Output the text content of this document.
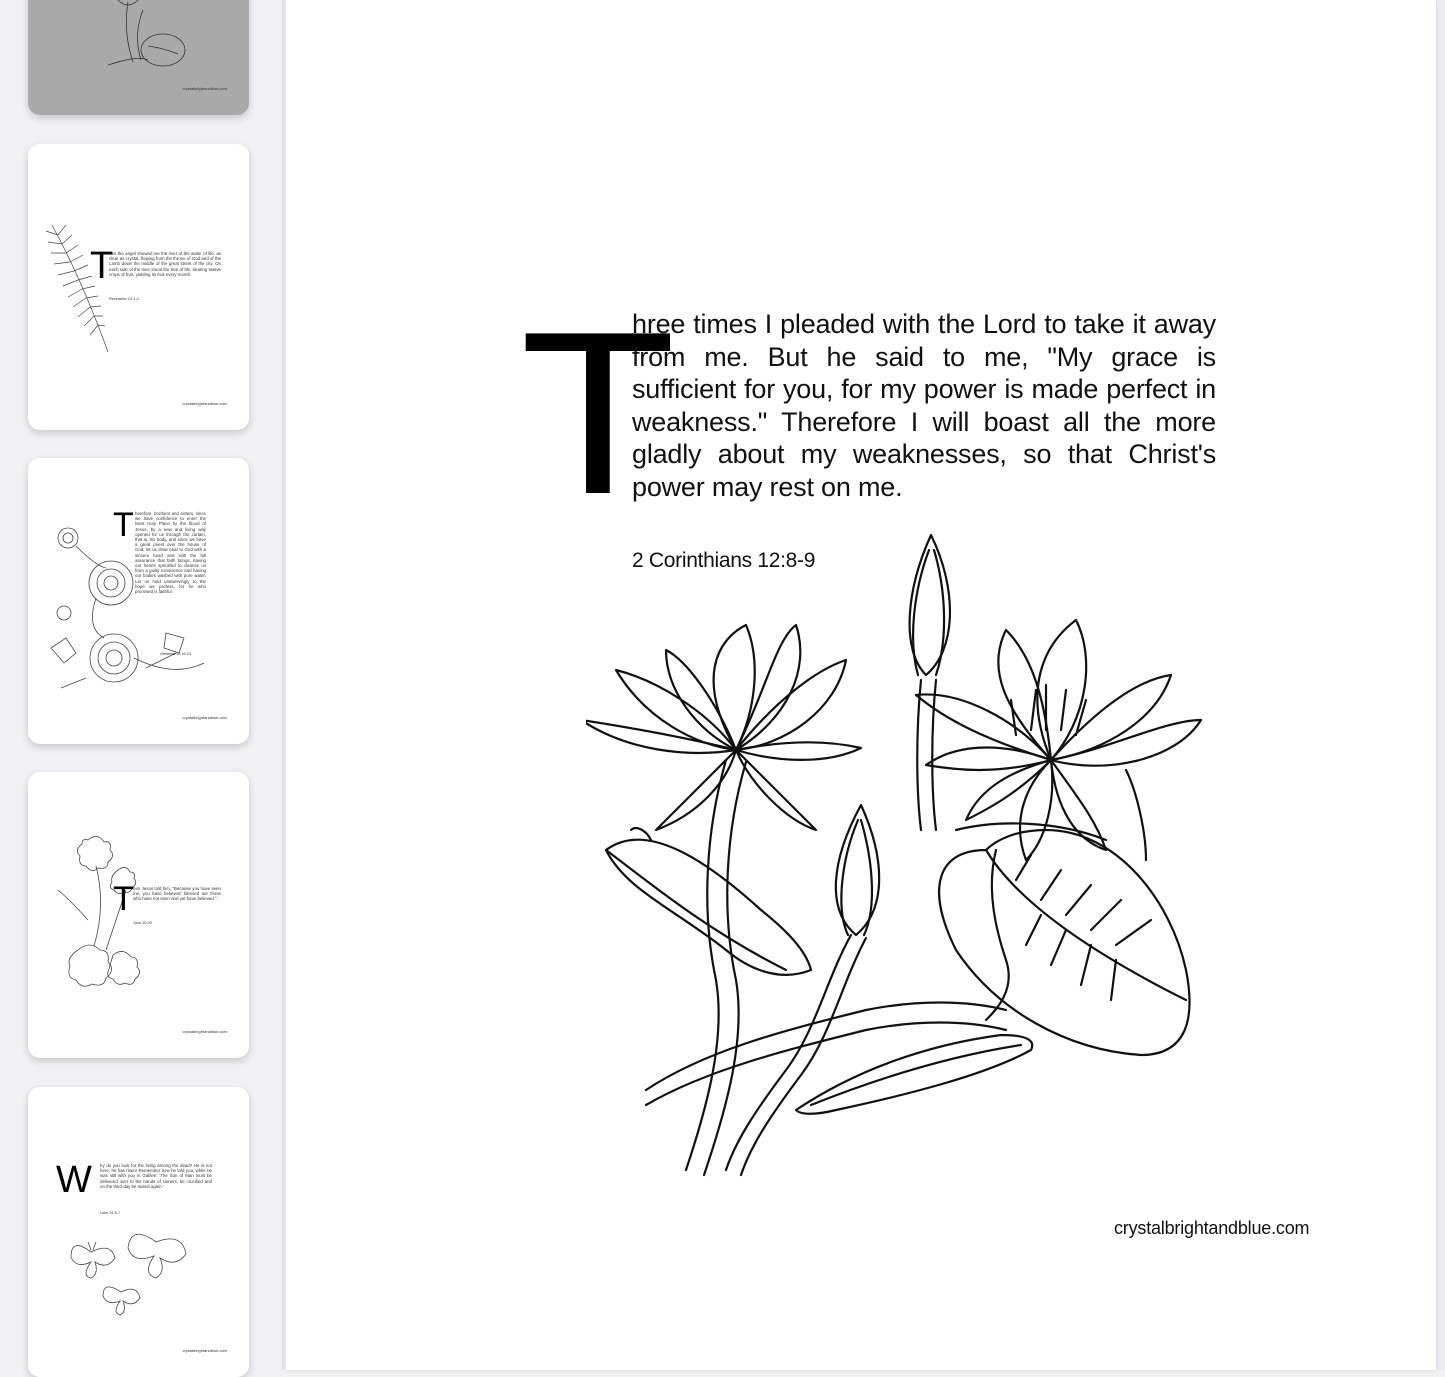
crystalbrightandblue.com
T
hen the angel showed me the river of the water of life, as clear as crystal, flowing from the throne of God and of the Lamb down the middle of the great street of the city. On each side of the river stood the tree of life, bearing twelve crops of fruit, yielding its fruit every month.
Revelation 22:1-2
crystalbrightandblue.com
T herefore, brothers and sisters, since we have confidence to enter the Most Holy Place by the blood of Jesus, by a new and living way opened for us through the curtain, that is, his body, and since we have a great priest over the house of God, let us draw near to God with a sincere heart and with the full assurance that faith brings, having our hearts sprinkled to cleanse us from a guilty conscience and having our bodies washed with pure water. Let us hold unswervingly to the hope we profess, for he who promised is faithful.
Hebrews 10:19-23
crystalbrightandblue.com
T hen Jesus told him, "Because you have seen me, you have believed; blessed are those who have not seen and yet have believed."
John 20:29
crystalbrightandblue.com
W hy do you look for the living among the dead? He is not here; he has risen! Remember how he told you, while he was still with you in Galilee: 'The Son of Man must be delivered over to the hands of sinners, be crucified and on the third day be raised again.'
Luke 24:5-7
crystalbrightandblue.com
T
hree times I pleaded with the Lord to take it away from me. But he said to me, "My grace is sufficient for you, for my power is made perfect in weakness." Therefore I will boast all the more gladly about my weaknesses, so that Christ's power may rest on me.
2 Corinthians 12:8-9
crystalbrightandblue.com
